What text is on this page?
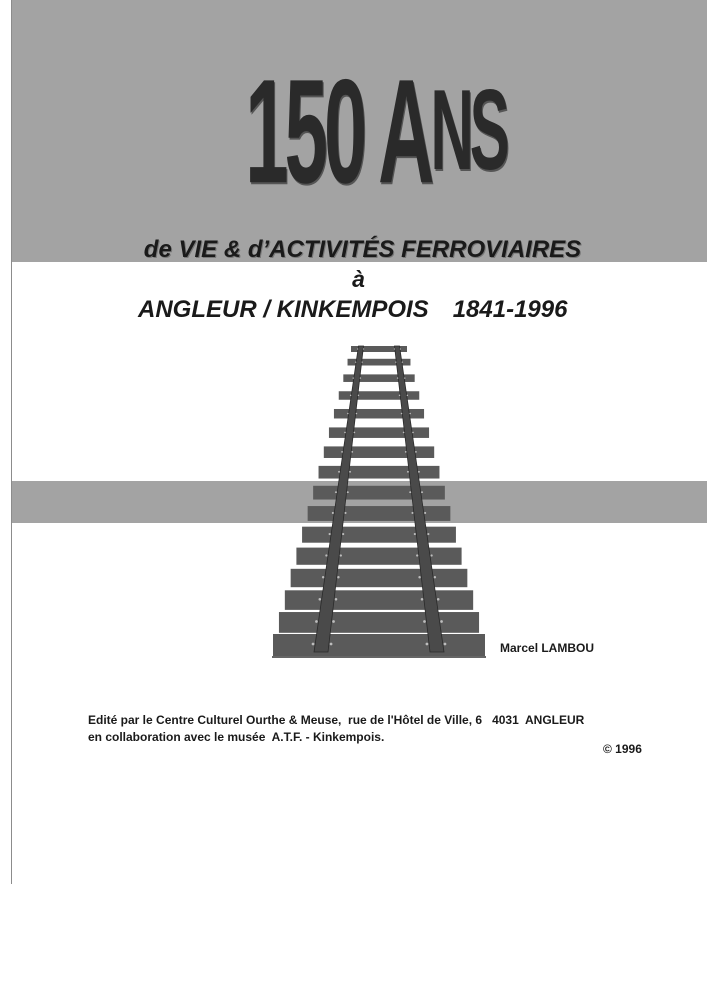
150 A NS
de VIE & d’ACTIVITÉS FERROVIAIRES
à
ANGLEUR / KINKEMPOIS 1841-1996
Marcel LAMBOU
Edité par le Centre Culturel Ourthe & Meuse,  rue de l'Hôtel de Ville, 6   4031  ANGLEUR
en collaboration avec le musée  A.T.F. - Kinkempois.
© 1996
